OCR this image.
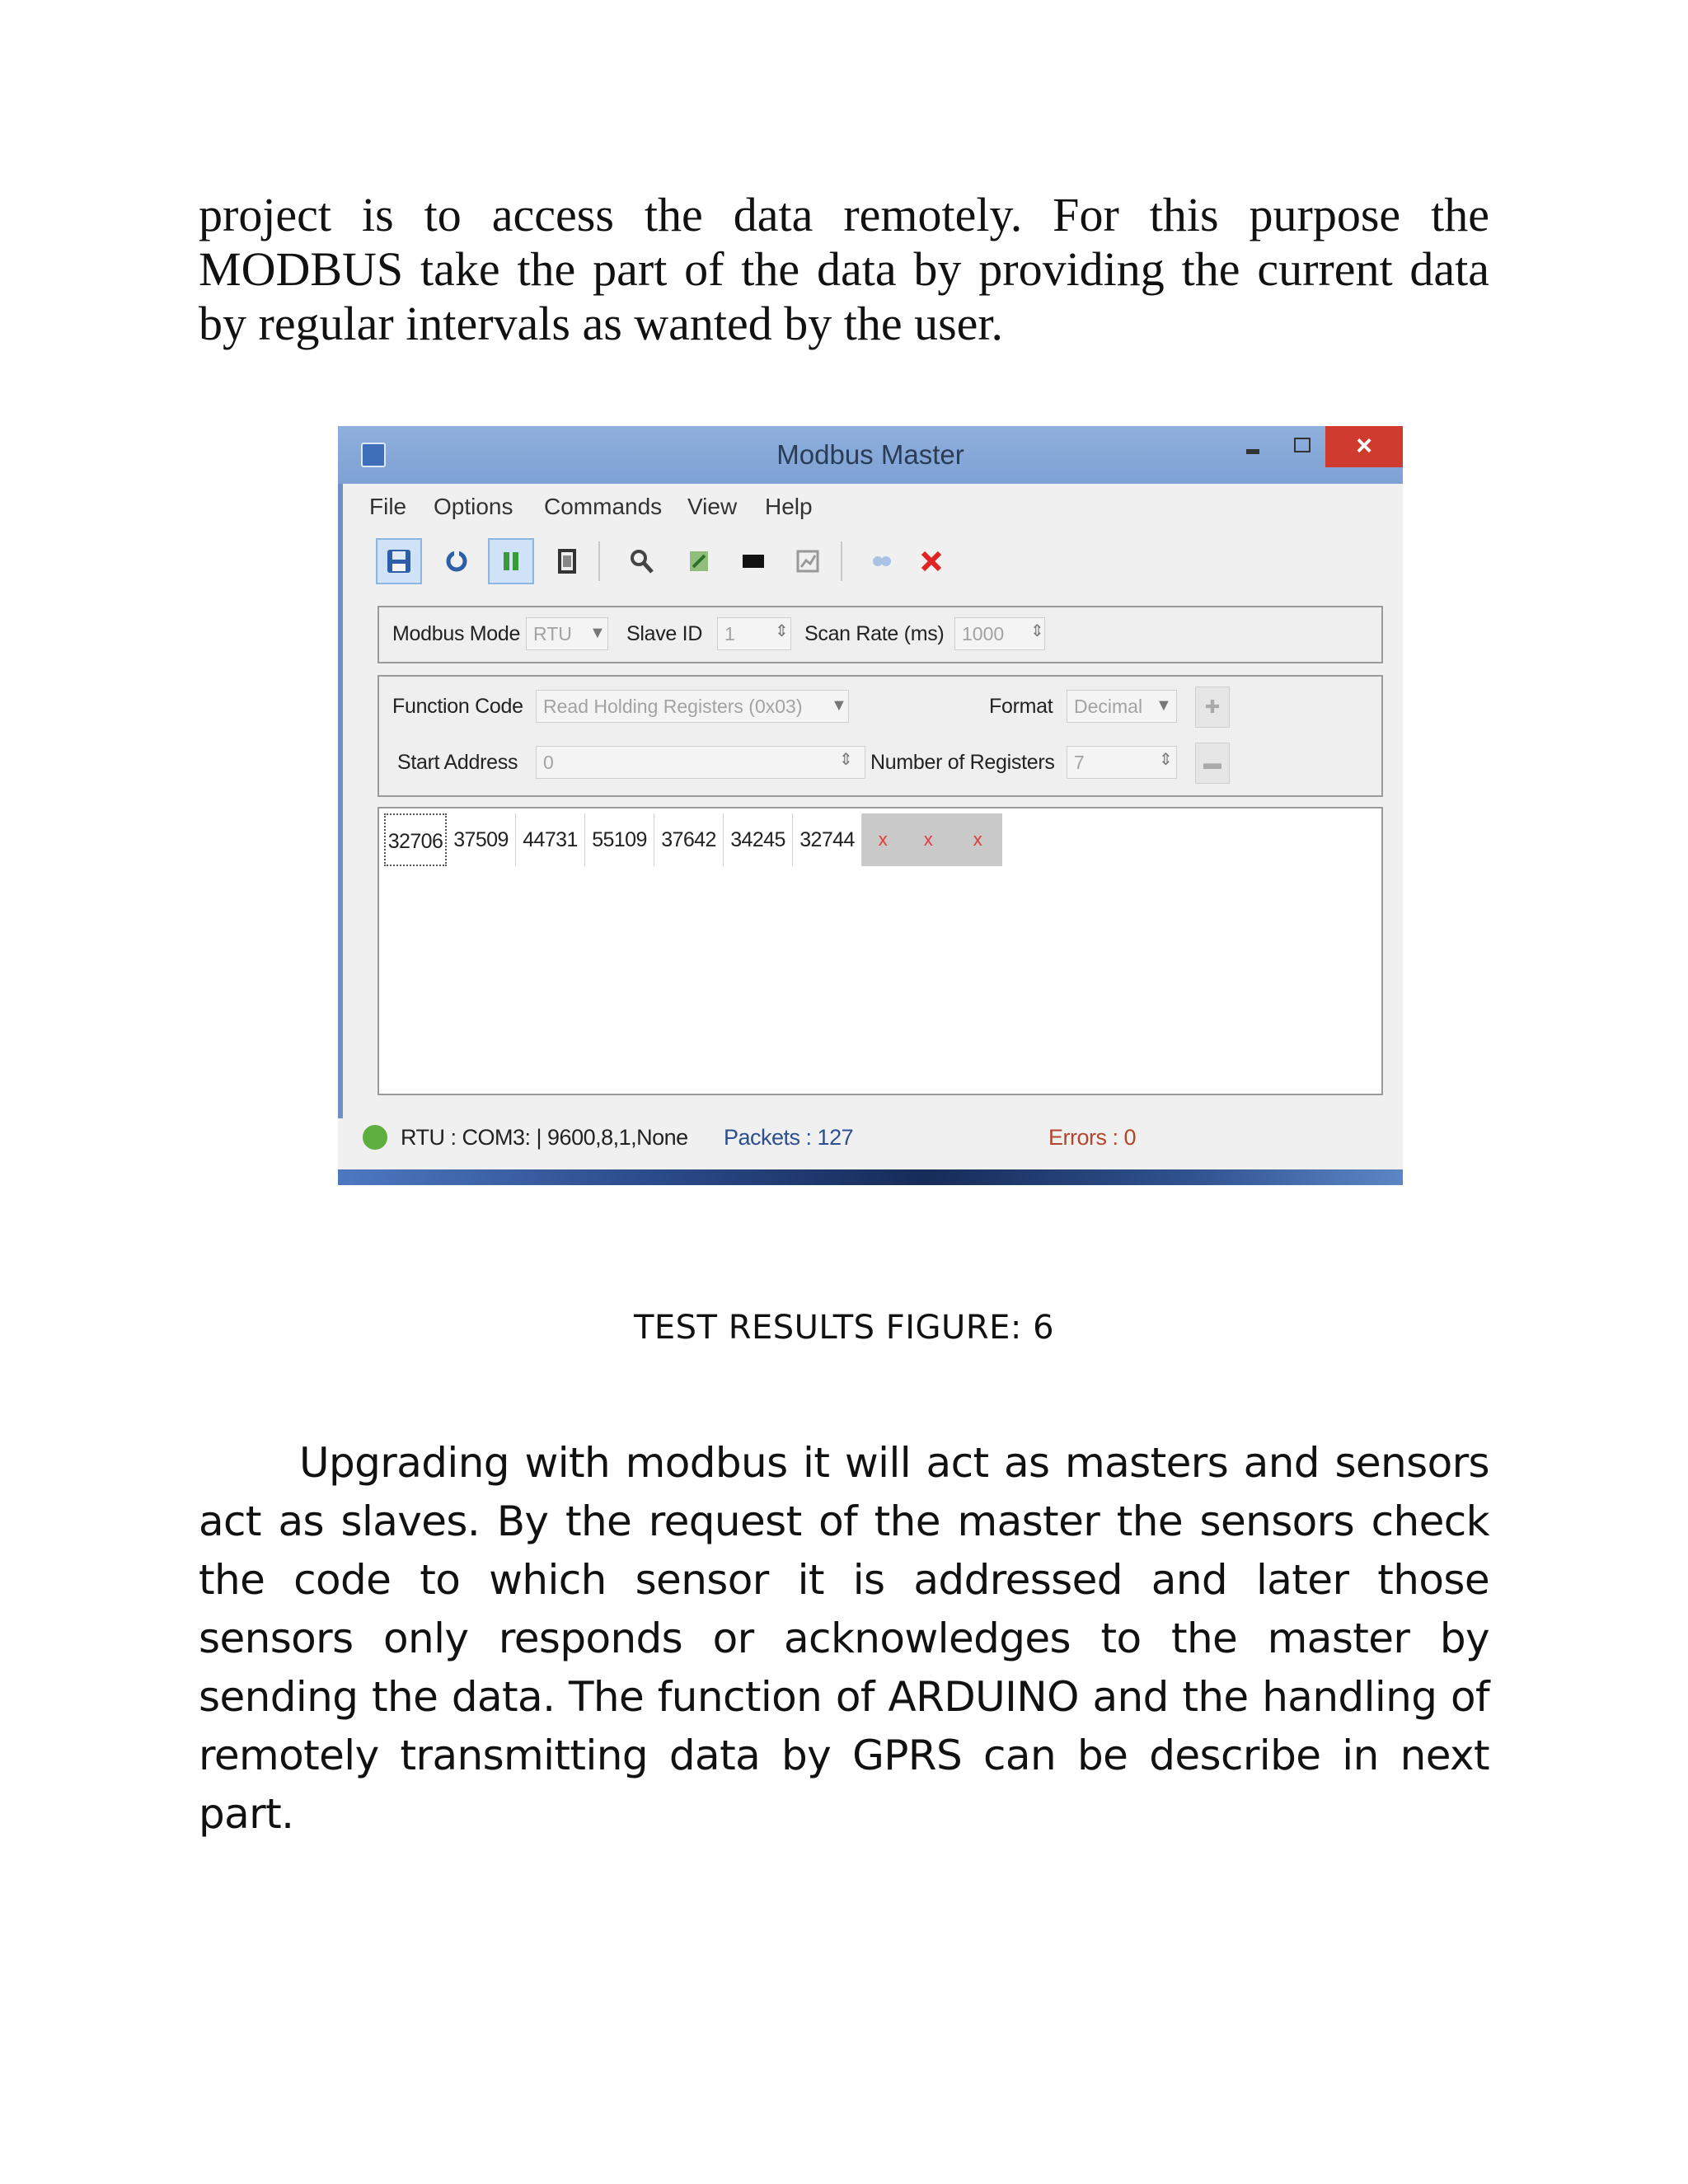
project is to access the data remotely. For this purpose the MODBUS take the part of the data by providing the current data by regular intervals as wanted by the user.

Modbus Master	×
File Options Commands View Help
Modbus Mode RTU	▼ Slave ID	1	⇕ Scan Rate (ms) 1000	⇕
Function Code	Read Holding Registers (0x03)	▼	Format	Decimal ▼	✚
Start Address	0	⇕ Number of Registers	7	⇕	▬
32706 37509 44731 55109 37642 34245 32744	x	x	x
RTU : COM3: | 9600,8,1,None Packets : 127	Errors : 0
TEST RESULTS FIGURE: 6

Upgrading with modbus it will act as masters and sensors act as slaves. By the request of the master the sensors check the code to which sensor it is addressed and later those sensors only responds or acknowledges to the master by sending the data. The function of ARDUINO and the handling of remotely transmitting data by GPRS can be describe in next part.
